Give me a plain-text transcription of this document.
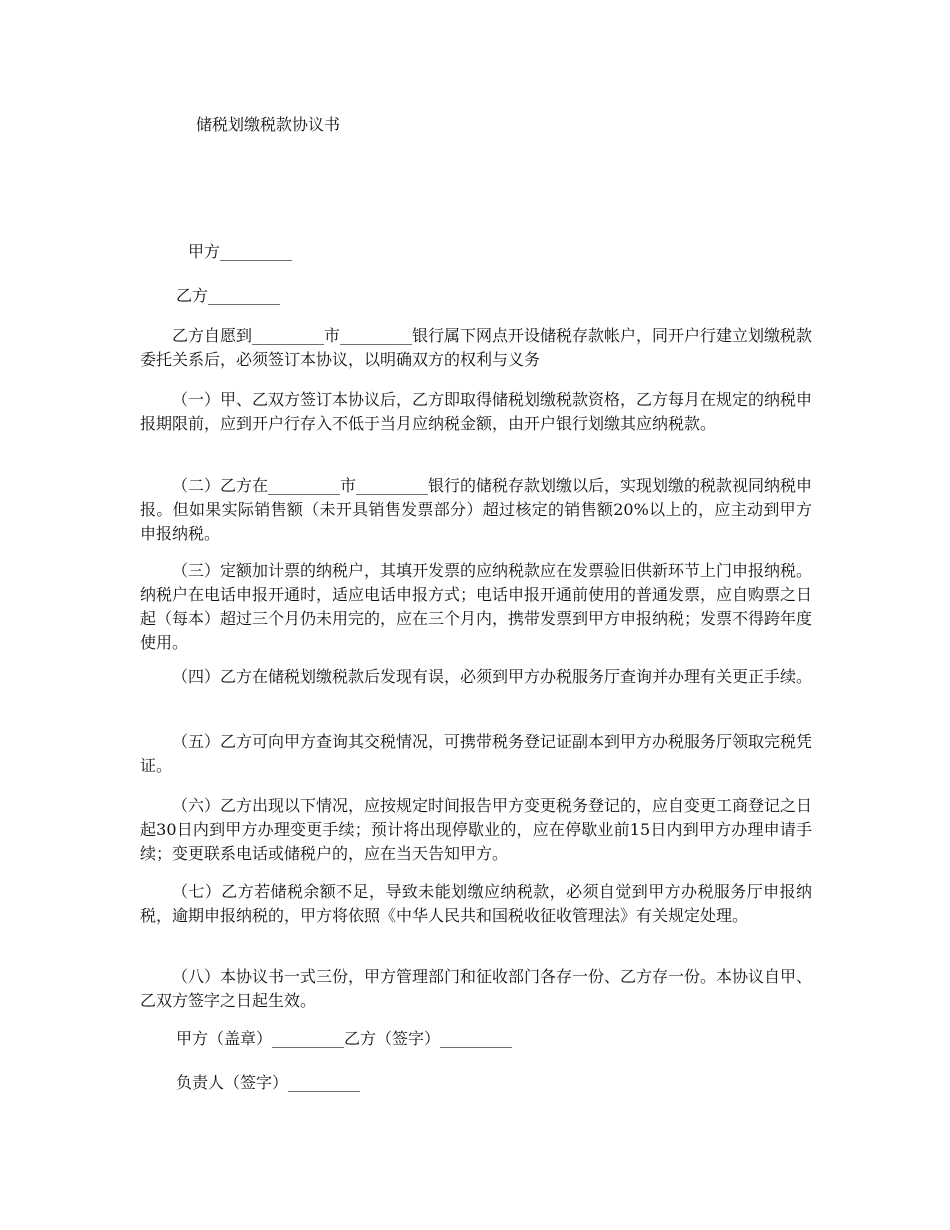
储税划缴税款协议书
甲方_________
乙方_________
乙方自愿到_________市_________银行属下网点开设储税存款帐户，同开户行建立划缴税款委托关系后，必须签订本协议，以明确双方的权利与义务
（一）甲、乙双方签订本协议后，乙方即取得储税划缴税款资格，乙方每月在规定的纳税申报期限前，应到开户行存入不低于当月应纳税金额，由开户银行划缴其应纳税款。
（二）乙方在_________市_________银行的储税存款划缴以后，实现划缴的税款视同纳税申报。但如果实际销售额（未开具销售发票部分）超过核定的销售额20%以上的，应主动到甲方申报纳税。
（三）定额加计票的纳税户，其填开发票的应纳税款应在发票验旧供新环节上门申报纳税。纳税户在电话申报开通时，适应电话申报方式；电话申报开通前使用的普通发票，应自购票之日起（每本）超过三个月仍未用完的，应在三个月内，携带发票到甲方申报纳税；发票不得跨年度使用。
（四）乙方在储税划缴税款后发现有误，必须到甲方办税服务厅查询并办理有关更正手续。
（五）乙方可向甲方查询其交税情况，可携带税务登记证副本到甲方办税服务厅领取完税凭证。
（六）乙方出现以下情况，应按规定时间报告甲方变更税务登记的，应自变更工商登记之日起30日内到甲方办理变更手续；预计将出现停歇业的，应在停歇业前15日内到甲方办理申请手续；变更联系电话或储税户的，应在当天告知甲方。
（七）乙方若储税余额不足，导致未能划缴应纳税款，必须自觉到甲方办税服务厅申报纳税，逾期申报纳税的，甲方将依照《中华人民共和国税收征收管理法》有关规定处理。
（八）本协议书一式三份，甲方管理部门和征收部门各存一份、乙方存一份。本协议自甲、乙双方签字之日起生效。
甲方（盖章）_________乙方（签字）_________
负责人（签字）_________
